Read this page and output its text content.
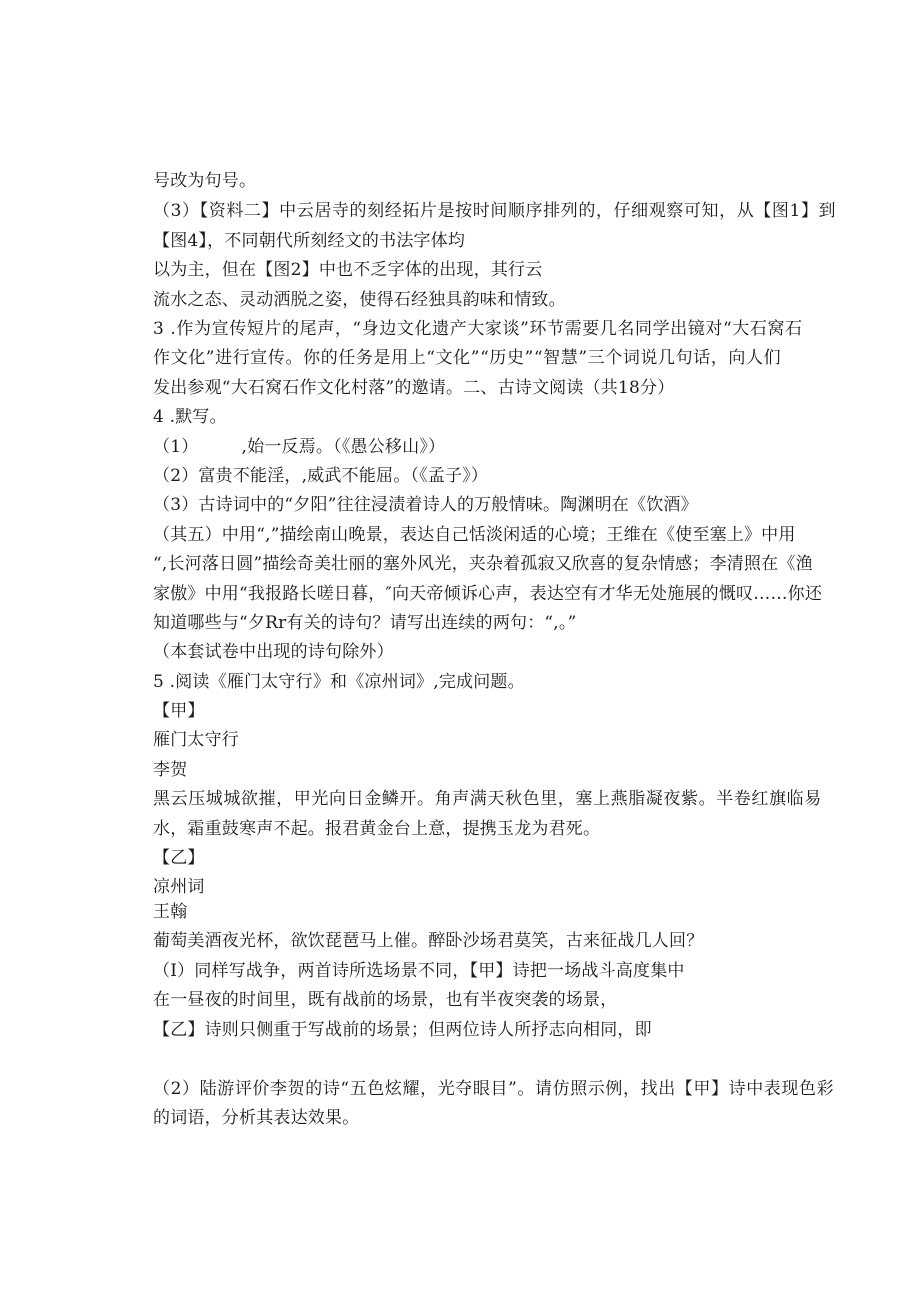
号改为句号。
（3）【资料二】中云居寺的刻经拓片是按时间顺序排列的，仔细观察可知，从【图1】到
【图4】，不同朝代所刻经文的书法字体均
以为主，但在【图2】中也不乏字体的出现，其行云
流水之态、灵动洒脱之姿，使得石经独具韵味和情致。
3 .作为宣传短片的尾声，“身边文化遗产大家谈”环节需要几名同学出镜对“大石窝石
作文化”进行宣传。你的任务是用上“文化”“历史”“智慧”三个词说几句话，向人们
发出参观“大石窝石作文化村落”的邀请。二、古诗文阅读（共18分）
4 .默写。
（1）　　　,始一反焉。（《愚公移山》）
（2）富贵不能淫，,威武不能屈。（《孟子》）
（3）古诗词中的“夕阳”往往浸渍着诗人的万般情味。陶渊明在《饮酒》
（其五）中用“,”描绘南山晚景，表达自己恬淡闲适的心境；王维在《使至塞上》中用
“,长河落日圆”描绘奇美壮丽的塞外风光，夹杂着孤寂又欣喜的复杂情感；李清照在《渔
家傲》中用“我报路长嗟日暮，″向天帝倾诉心声，表达空有才华无处施展的慨叹……你还
知道哪些与“夕Rr有关的诗句？请写出连续的两句：“,。”
（本套试卷中出现的诗句除外）
5 .阅读《雁门太守行》和《凉州词》,完成问题。
【甲】
雁门太守行
李贺
黑云压城城欲摧，甲光向日金鳞开。角声满天秋色里，塞上燕脂凝夜紫。半卷红旗临易
水，霜重鼓寒声不起。报君黄金台上意，提携玉龙为君死。
【乙】
凉州词
王翰
葡萄美酒夜光杯，欲饮琵琶马上催。醉卧沙场君莫笑，古来征战几人回？
（I）同样写战争，两首诗所选场景不同，【甲】诗把一场战斗高度集中
在一昼夜的时间里，既有战前的场景，也有半夜突袭的场景，
【乙】诗则只侧重于写战前的场景；但两位诗人所抒志向相同，即
（2）陆游评价李贺的诗“五色炫耀，光夺眼目”。请仿照示例，找出【甲】诗中表现色彩
的词语，分析其表达效果。
